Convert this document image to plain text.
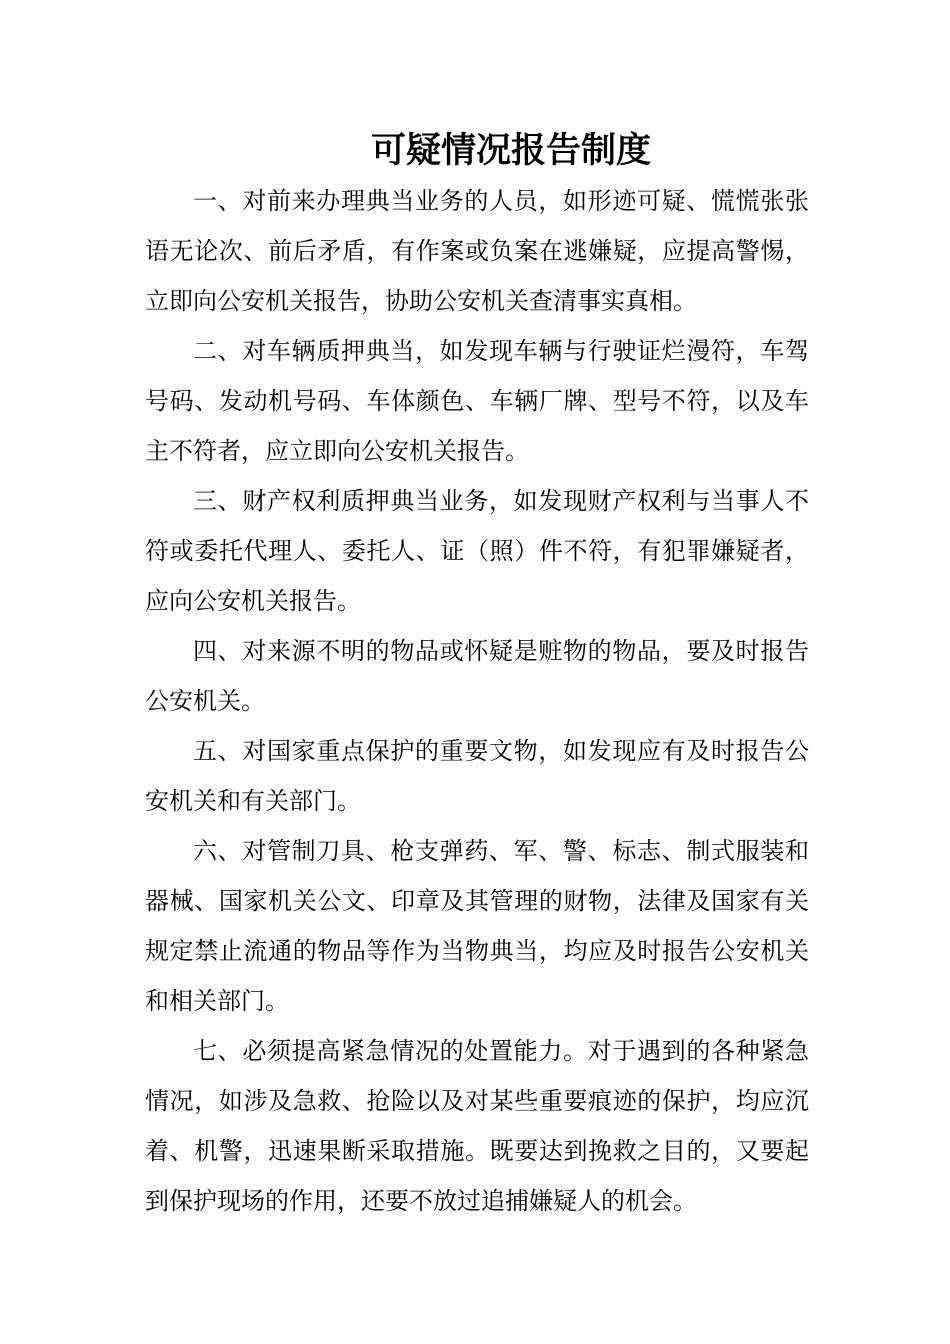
可疑情况报告制度

一、对前来办理典当业务的人员，如形迹可疑、慌慌张张语无论次、前后矛盾，有作案或负案在逃嫌疑，应提高警惕，立即向公安机关报告，协助公安机关查清事实真相。

二、对车辆质押典当，如发现车辆与行驶证烂漫符，车驾号码、发动机号码、车体颜色、车辆厂牌、型号不符，以及车主不符者，应立即向公安机关报告。

三、财产权利质押典当业务，如发现财产权利与当事人不符或委托代理人、委托人、证（照）件不符，有犯罪嫌疑者，应向公安机关报告。

四、对来源不明的物品或怀疑是赃物的物品，要及时报告公安机关。

五、对国家重点保护的重要文物，如发现应有及时报告公安机关和有关部门。

六、对管制刀具、枪支弹药、军、警、标志、制式服装和器械、国家机关公文、印章及其管理的财物，法律及国家有关规定禁止流通的物品等作为当物典当，均应及时报告公安机关和相关部门。

七、必须提高紧急情况的处置能力。对于遇到的各种紧急情况，如涉及急救、抢险以及对某些重要痕迹的保护，均应沉着、机警，迅速果断采取措施。既要达到挽救之目的，又要起到保护现场的作用，还要不放过追捕嫌疑人的机会。
